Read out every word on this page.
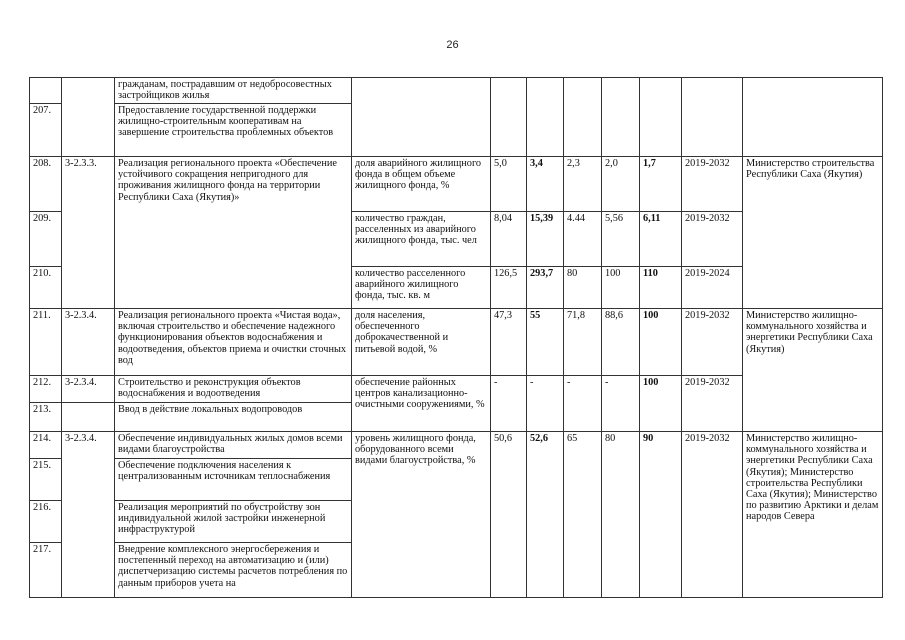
26
		гражданам, пострадавшим от недобросовестных застройщиков жилья								
207.		Предоставление государственной поддержки жилищно-строительным кооперативам на завершение строительства проблемных объектов								
208.	3-2.3.3.	Реализация регионального проекта «Обеспечение устойчивого сокращения непригодного для проживания жилищного фонда на территории Республики Саха (Якутия)»	доля аварийного жилищного фонда в общем объеме жилищного фонда, %	5,0	3,4	2,3	2,0	1,7	2019-2032	Министерство строительства Республики Саха (Якутия)
209.			количество граждан, расселенных из аварийного жилищного фонда, тыс. чел	8,04	15,39	4.44	5,56	6,11	2019-2032	
210.			количество расселенного аварийного жилищного фонда, тыс. кв. м	126,5	293,7	80	100	110	2019-2024	
211.	3-2.3.4.	Реализация регионального проекта «Чистая вода», включая строительство и обеспечение надежного функционирования объектов водоснабжения и водоотведения, объектов приема и очистки сточных вод	доля населения, обеспеченного доброкачественной и питьевой водой, %	47,3	55	71,8	88,6	100	2019-2032	Министерство жилищно-коммунального хозяйства и энергетики Республики Саха (Якутия)
212.	3-2.3.4.	Строительство и реконструкция объектов водоснабжения и водоотведения	обеспечение районных центров канализационно-очистными сооружениями, %	-	-	-	-	100	2019-2032	
213.		Ввод в действие локальных водопроводов								
214.	3-2.3.4.	Обеспечение индивидуальных жилых домов всеми видами благоустройства	уровень жилищного фонда, оборудованного всеми видами благоустройства, %	50,6	52,6	65	80	90	2019-2032	Министерство жилищно-коммунального хозяйства и энергетики Республики Саха (Якутия); Министерство строительства Республики Саха (Якутия); Министерство по развитию Арктики и делам народов Севера
215.		Обеспечение подключения населения к централизованным источникам теплоснабжения								
216.		Реализация мероприятий по обустройству зон индивидуальной жилой застройки инженерной инфраструктурой								
217.		Внедрение комплексного энергосбережения и постепенный переход на автоматизацию и (или) диспетчеризацию системы расчетов потребления по данным приборов учета на								
